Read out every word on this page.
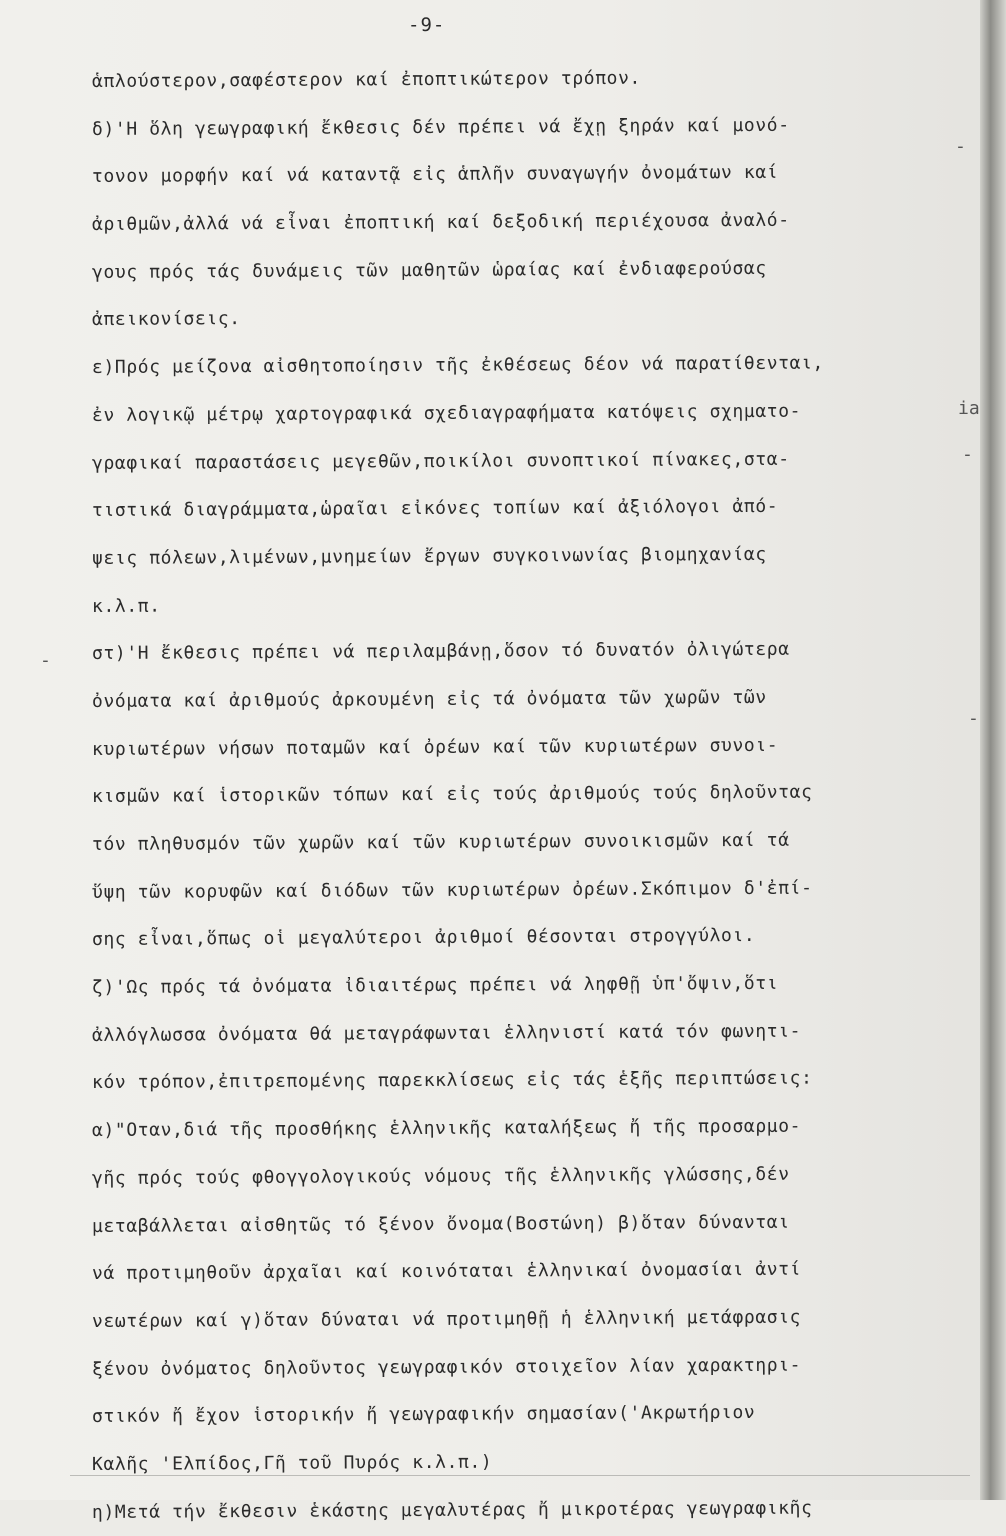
-9-
ἁπλούστερον,σαφέστερον καί ἐποπτικώτερον τρόπον.
δ)'Η ὅλη γεωγραφική ἔκθεσις δέν πρέπει νά ἔχῃ ξηράν καί μονό-
τονον μορφήν καί νά καταντᾷ εἰς ἁπλῆν συναγωγήν ὀνομάτων καί
ἀριθμῶν,ἀλλά νά εἶναι ἐποπτική καί δεξοδική περιέχουσα ἀναλό-
γους πρός τάς δυνάμεις τῶν μαθητῶν ὡραίας καί ἐνδιαφερούσας
ἀπεικονίσεις.
ε)Πρός μείζονα αἰσθητοποίησιν τῆς ἐκθέσεως δέον νά παρατίθενται,
ἐν λογικῷ μέτρῳ χαρτογραφικά σχεδιαγραφήματα κατόψεις σχηματο-
γραφικαί παραστάσεις μεγεθῶν,ποικίλοι συνοπτικοί πίνακες,στα-
τιστικά διαγράμματα,ὡραῖαι εἰκόνες τοπίων καί ἀξιόλογοι ἀπό-
ψεις πόλεων,λιμένων,μνημείων ἔργων συγκοινωνίας βιομηχανίας
κ.λ.π.
στ)'Η ἔκθεσις πρέπει νά περιλαμβάνῃ,ὅσον τό δυνατόν ὀλιγώτερα
ὀνόματα καί ἀριθμούς ἀρκουμένη εἰς τά ὀνόματα τῶν χωρῶν τῶν
κυριωτέρων νήσων ποταμῶν καί ὀρέων καί τῶν κυριωτέρων συνοι-
κισμῶν καί ἱστορικῶν τόπων καί εἰς τούς ἀριθμούς τούς δηλοῦντας
τόν πληθυσμόν τῶν χωρῶν καί τῶν κυριωτέρων συνοικισμῶν καί τά
ὕψη τῶν κορυφῶν καί διόδων τῶν κυριωτέρων ὀρέων.Σκόπιμον δ'ἐπί-
σης εἶναι,ὅπως οἱ μεγαλύτεροι ἀριθμοί θέσονται στρογγύλοι.
ζ)'Ως πρός τά ὀνόματα ἰδιαιτέρως πρέπει νά ληφθῇ ὑπ'ὄψιν,ὅτι
ἀλλόγλωσσα ὀνόματα θά μεταγράφωνται ἑλληνιστί κατά τόν φωνητι-
κόν τρόπον,ἐπιτρεπομένης παρεκκλίσεως εἰς τάς ἑξῆς περιπτώσεις:
α)"Οταν,διά τῆς προσθήκης ἑλληνικῆς καταλήξεως ἤ τῆς προσαρμο-
γῆς πρός τούς φθογγολογικούς νόμους τῆς ἑλληνικῆς γλώσσης,δέν
μεταβάλλεται αἰσθητῶς τό ξένον ὄνομα(Βοστώνη) β)ὅταν δύνανται
νά προτιμηθοῦν ἀρχαῖαι καί κοινόταται ἑλληνικαί ὀνομασίαι ἀντί
νεωτέρων καί γ)ὅταν δύναται νά προτιμηθῇ ἡ ἑλληνική μετάφρασις
ξένου ὀνόματος δηλοῦντος γεωγραφικόν στοιχεῖον λίαν χαρακτηρι-
στικόν ἤ ἔχον ἱστορικήν ἤ γεωγραφικήν σημασίαν('Ακρωτήριον
Καλῆς 'Ελπίδος,Γῆ τοῦ Πυρός κ.λ.π.)
η)Μετά τήν ἔκθεσιν ἑκάστης μεγαλυτέρας ἤ μικροτέρας γεωγραφικῆς
-
ia
-
-
-
